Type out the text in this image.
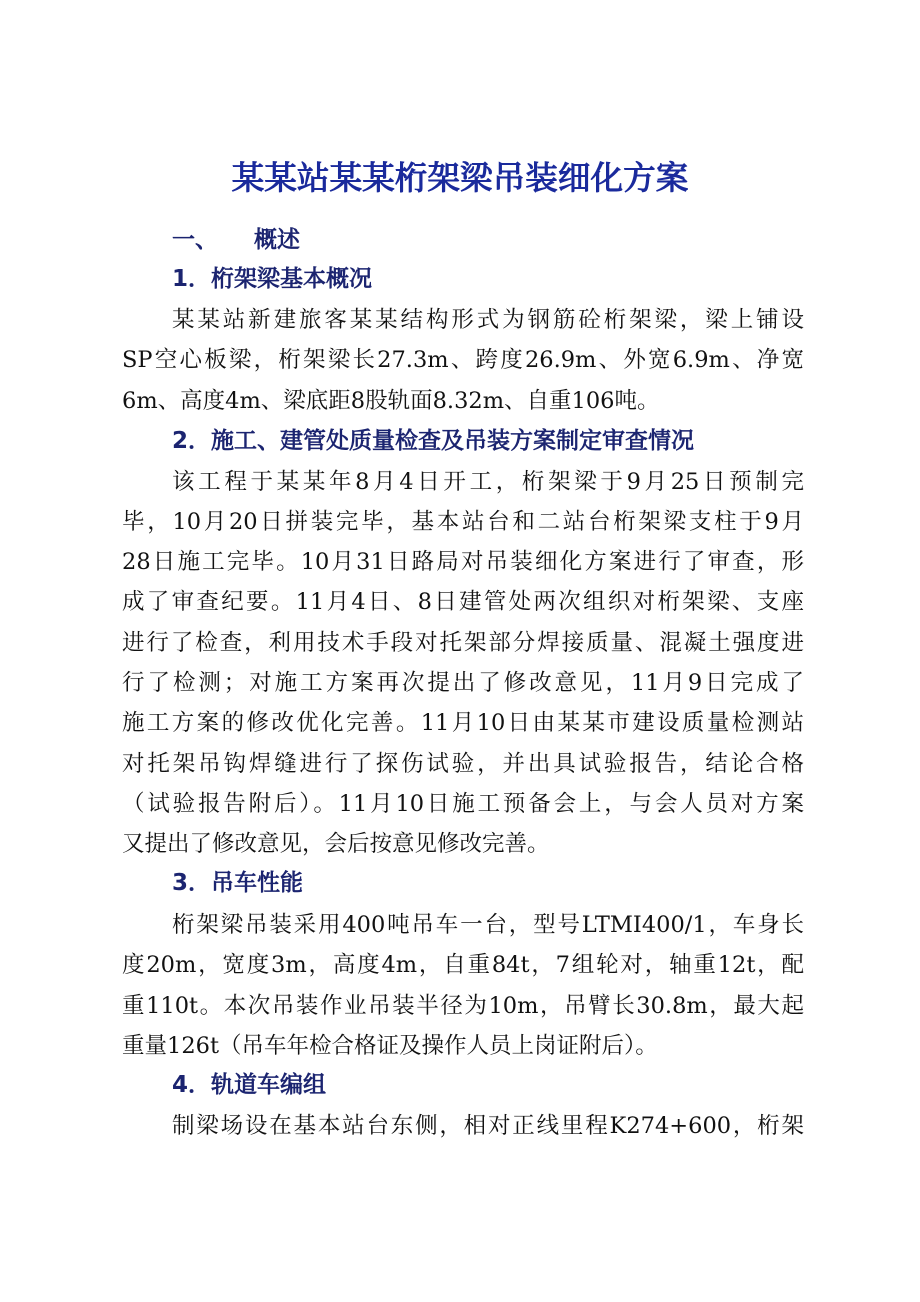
某某站某某桁架梁吊装细化方案
一、 概述
1．桁架梁基本概况
某某站新建旅客某某结构形式为钢筋砼桁架梁，梁上铺设
SP空心板梁，桁架梁长27.3m、跨度26.9m、外宽6.9m、净宽
6m、高度4m、梁底距8股轨面8.32m、自重106吨。
2．施工、建管处质量检查及吊装方案制定审查情况
该工程于某某年8月4日开工，桁架梁于9月25日预制完
毕，10月20日拼装完毕，基本站台和二站台桁架梁支柱于9月
28日施工完毕。10月31日路局对吊装细化方案进行了审查，形
成了审查纪要。11月4日、8日建管处两次组织对桁架梁、支座
进行了检查，利用技术手段对托架部分焊接质量、混凝土强度进
行了检测；对施工方案再次提出了修改意见，11月9日完成了
施工方案的修改优化完善。11月10日由某某市建设质量检测站
对托架吊钩焊缝进行了探伤试验，并出具试验报告，结论合格
（试验报告附后）。11月10日施工预备会上，与会人员对方案
又提出了修改意见，会后按意见修改完善。
3．吊车性能
桁架梁吊装采用400吨吊车一台，型号LTMI400/1，车身长
度20m，宽度3m，高度4m，自重84t，7组轮对，轴重12t，配
重110t。本次吊装作业吊装半径为10m，吊臂长30.8m，最大起
重量126t（吊车年检合格证及操作人员上岗证附后）。
4．轨道车编组
制梁场设在基本站台东侧，相对正线里程K274+600，桁架
